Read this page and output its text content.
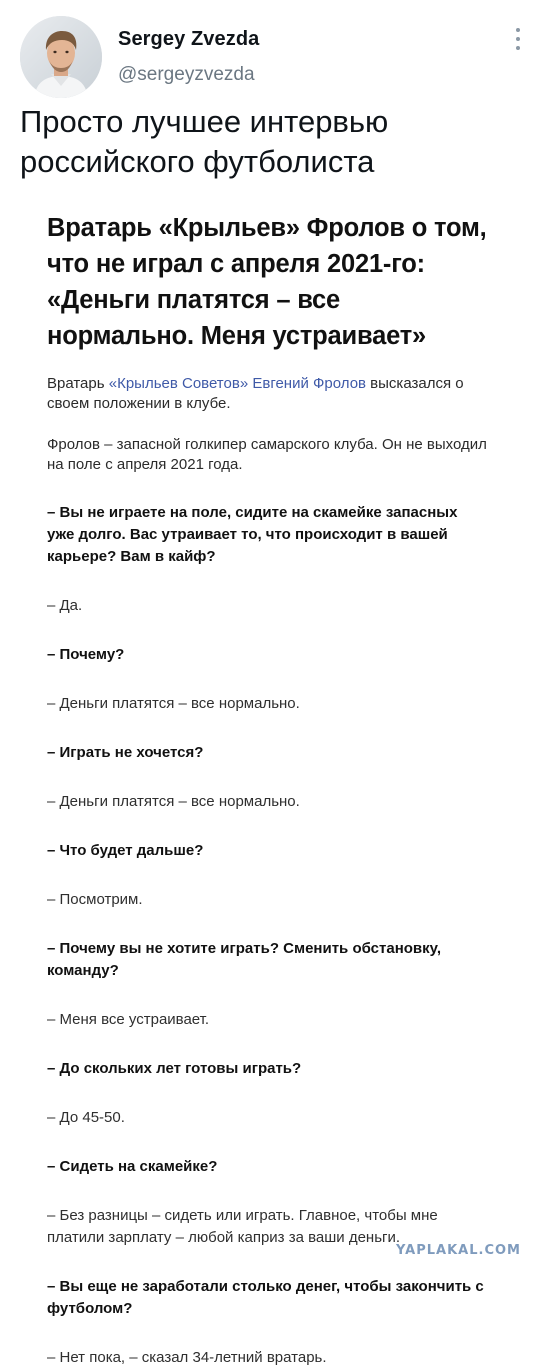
Sergey Zvezda
@sergeyzvezda
Просто лучшее интервью российского футболиста
Вратарь «Крыльев» Фролов о том, что не играл с апреля 2021-го: «Деньги платятся – все нормально. Меня устраивает»
Вратарь «Крыльев Советов» Евгений Фролов высказался о своем положении в клубе.
Фролов – запасной голкипер самарского клуба. Он не выходил на поле с апреля 2021 года.
– Вы не играете на поле, сидите на скамейке запасных уже долго. Вас утраивает то, что происходит в вашей карьере? Вам в кайф?
– Да.
– Почему?
– Деньги платятся – все нормально.
– Играть не хочется?
– Деньги платятся – все нормально.
– Что будет дальше?
– Посмотрим.
– Почему вы не хотите играть? Сменить обстановку, команду?
– Меня все устраивает.
– До скольких лет готовы играть?
– До 45-50.
– Сидеть на скамейке?
– Без разницы – сидеть или играть. Главное, чтобы мне платили зарплату – любой каприз за ваши деньги.
– Вы еще не заработали столько денег, чтобы закончить с футболом?
– Нет пока, – сказал 34-летний вратарь.
YAPLAKAL.COM
